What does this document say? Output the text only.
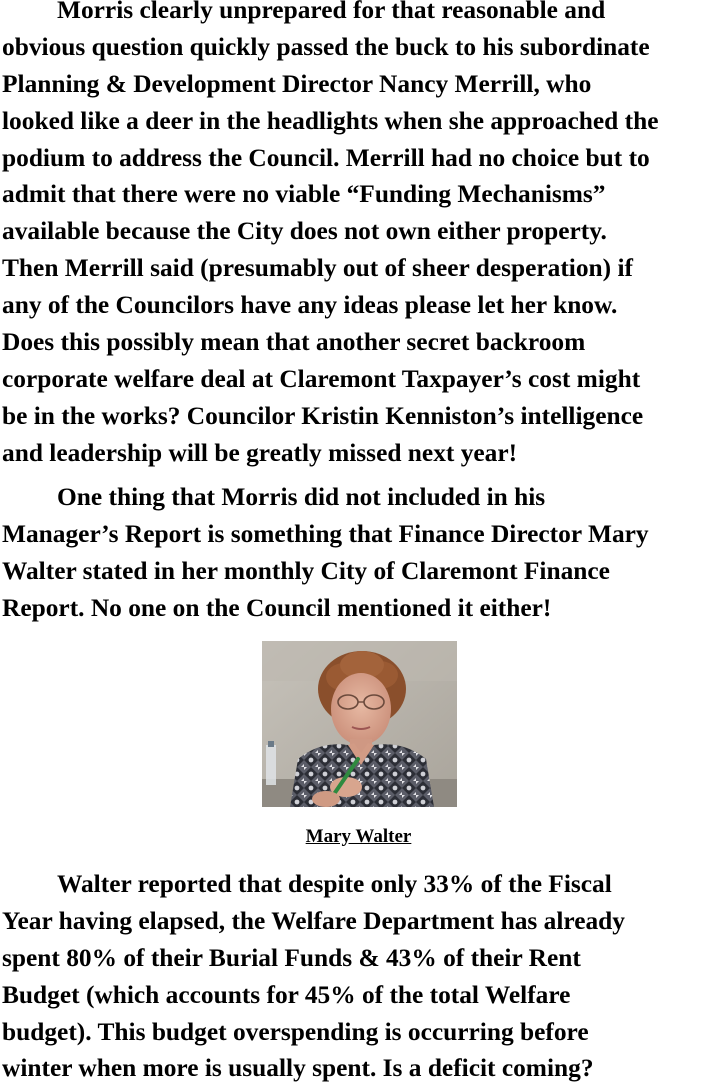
Morris clearly unprepared for that reasonable and
obvious question quickly passed the buck to his subordinate
Planning & Development Director Nancy Merrill, who
looked like a deer in the headlights when she approached the
podium to address the Council. Merrill had no choice but to
admit that there were no viable “Funding Mechanisms”
available because the City does not own either property.
Then Merrill said (presumably out of sheer desperation) if
any of the Councilors have any ideas please let her know.
Does this possibly mean that another secret backroom
corporate welfare deal at Claremont Taxpayer’s cost might
be in the works? Councilor Kristin Kenniston’s intelligence
and leadership will be greatly missed next year!
One thing that Morris did not included in his
Manager’s Report is something that Finance Director Mary
Walter stated in her monthly City of Claremont Finance
Report. No one on the Council mentioned it either!
Mary Walter
Walter reported that despite only 33% of the Fiscal
Year having elapsed, the Welfare Department has already
spent 80% of their Burial Funds & 43% of their Rent
Budget (which accounts for 45% of the total Welfare
budget). This budget overspending is occurring before
winter when more is usually spent. Is a deficit coming?
